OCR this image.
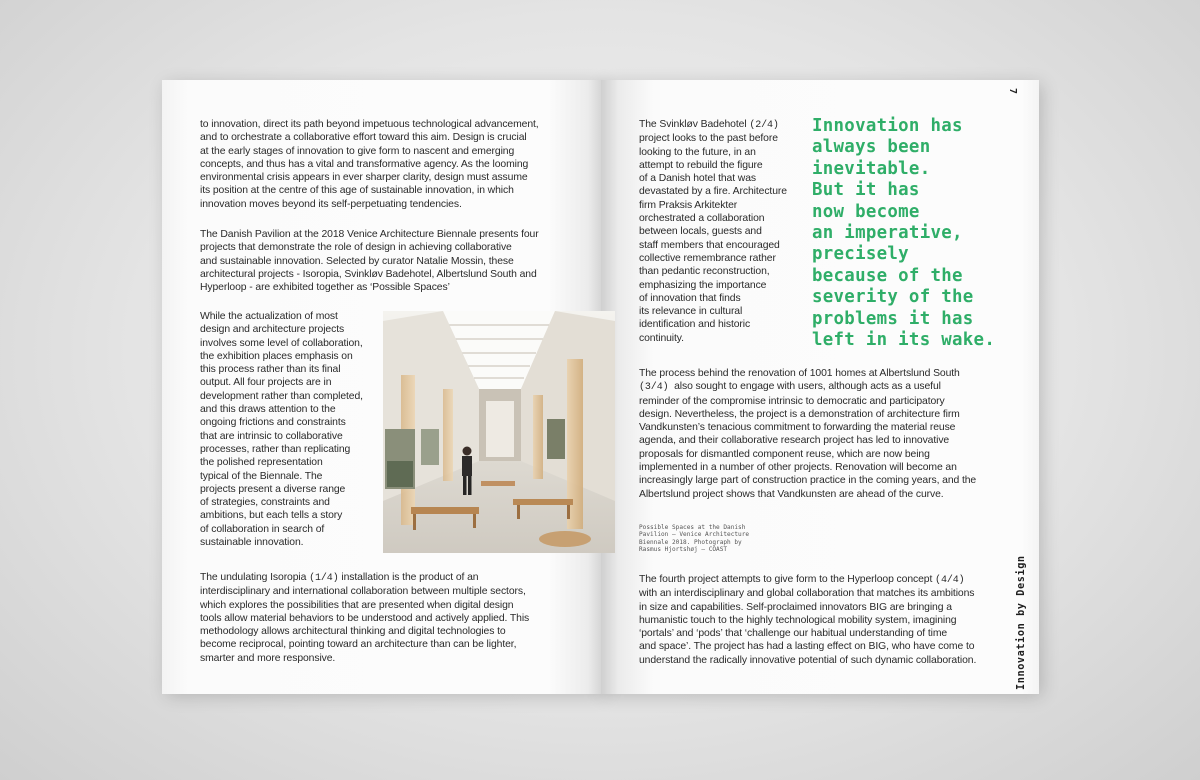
to innovation, direct its path beyond impetuous technological advancement,
and to orchestrate a collaborative effort toward this aim. Design is crucial
at the early stages of innovation to give form to nascent and emerging
concepts, and thus has a vital and transformative agency. As the looming
environmental crisis appears in ever sharper clarity, design must assume
its position at the centre of this age of sustainable innovation, in which
innovation moves beyond its self-perpetuating tendencies.

The Danish Pavilion at the 2018 Venice Architecture Biennale presents four
projects that demonstrate the role of design in achieving collaborative
and sustainable innovation. Selected by curator Natalie Mossin, these
architectural projects - Isoropia, Svinkløv Badehotel, Albertslund South and
Hyperloop - are exhibited together as ‘Possible Spaces’

While the actualization of most
design and architecture projects
involves some level of collaboration,
the exhibition places emphasis on
this process rather than its final
output. All four projects are in
development rather than completed,
and this draws attention to the
ongoing frictions and constraints
that are intrinsic to collaborative
processes, rather than replicating
the polished representation
typical of the Biennale. The
projects present a diverse range
of strategies, constraints and
ambitions, but each tells a story
of collaboration in search of
sustainable innovation.

The undulating Isoropia (1/4) installation is the product of an
interdisciplinary and international collaboration between multiple sectors,
which explores the possibilities that are presented when digital design
tools allow material behaviors to be understood and actively applied. This
methodology allows architectural thinking and digital technologies to
become reciprocal, pointing toward an architecture than can be lighter,
smarter and more responsive.

The Svinkløv Badehotel (2/4)
project looks to the past before
looking to the future, in an
attempt to rebuild the figure
of a Danish hotel that was
devastated by a fire. Architecture
firm Praksis Arkitekter
orchestrated a collaboration
between locals, guests and
staff members that encouraged
collective remembrance rather
than pedantic reconstruction,
emphasizing the importance
of innovation that finds
its relevance in cultural
identification and historic
continuity.

Innovation has
always been
inevitable.
But it has
now become
an imperative,
precisely
because of the
severity of the
problems it has
left in its wake.

The process behind the renovation of 1001 homes at Albertslund South
(3/4)  also sought to engage with users, although acts as a useful
reminder of the compromise intrinsic to democratic and participatory
design. Nevertheless, the project is a demonstration of architecture firm
Vandkunsten’s tenacious commitment to forwarding the material reuse
agenda, and their collaborative research project has led to innovative
proposals for dismantled component reuse, which are now being
implemented in a number of other projects. Renovation will become an
increasingly large part of construction practice in the coming years, and the
Albertslund project shows that Vandkunsten are ahead of the curve.

Possible Spaces at the Danish
Pavilion – Venice Architecture
Biennale 2018. Photograph by
Rasmus Hjortshøj – COAST

The fourth project attempts to give form to the Hyperloop concept (4/4)
with an interdisciplinary and global collaboration that matches its ambitions
in size and capabilities. Self-proclaimed innovators BIG are bringing a
humanistic touch to the highly technological mobility system, imagining
‘portals’ and ‘pods’ that ‘challenge our habitual understanding of time
and space’. The project has had a lasting effect on BIG, who have come to
understand the radically innovative potential of such dynamic collaboration.

7
Innovation by Design
